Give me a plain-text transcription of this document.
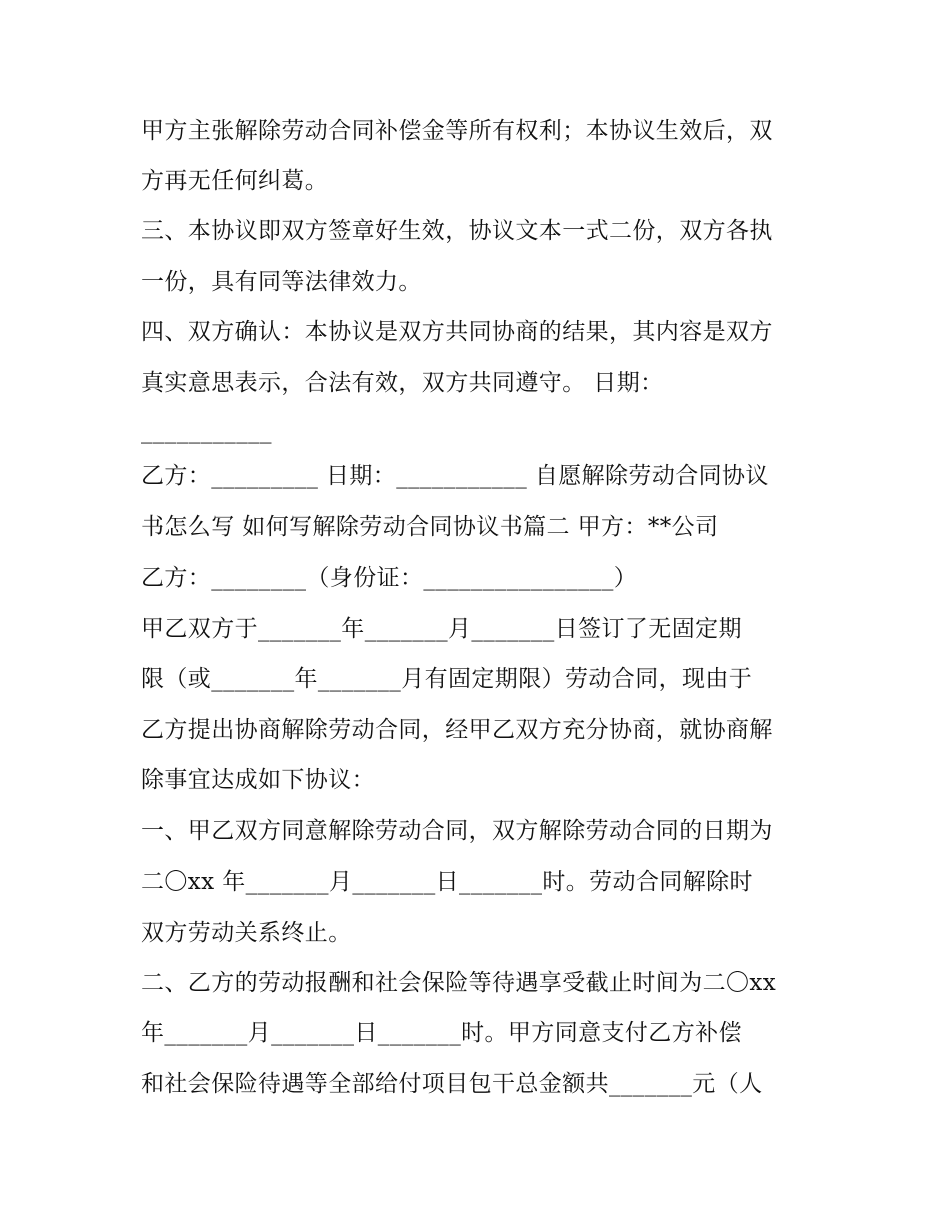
甲方主张解除劳动合同补偿金等所有权利；本协议生效后，双

方再无任何纠葛。

三、本协议即双方签章好生效，协议文本一式二份，双方各执

一份，具有同等法律效力。

四、双方确认：本协议是双方共同协商的结果，其内容是双方

真实意思表示，合法有效，双方共同遵守。 日期：

___________

乙方：_________ 日期：___________ 自愿解除劳动合同协议

书怎么写 如何写解除劳动合同协议书篇二 甲方：**公司

乙方：________（身份证：________________）

甲乙双方于_______年_______月_______日签订了无固定期

限（或_______年_______月有固定期限）劳动合同，现由于

乙方提出协商解除劳动合同，经甲乙双方充分协商，就协商解

除事宜达成如下协议：

一、甲乙双方同意解除劳动合同，双方解除劳动合同的日期为

二〇xx 年_______月_______日_______时。劳动合同解除时

双方劳动关系终止。

二、乙方的劳动报酬和社会保险等待遇享受截止时间为二〇xx

年_______月_______日_______时。甲方同意支付乙方补偿

和社会保险待遇等全部给付项目包干总金额共_______元（人
